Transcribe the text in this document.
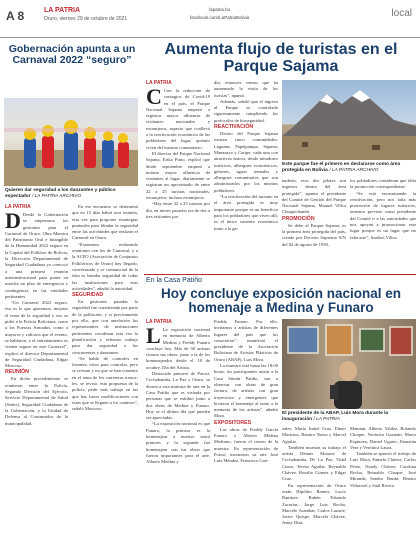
A 8	LA PATRIA
Oruro, viernes 29 de octubre de 2021
lapatria.bo
facebook.com/LaPatriaBolivia	local
Gobernación apunta a un Carnaval 2022 “seguro”
Quieren dar seguridad a los danzantes y público espectador / LA PATRIA ARCHIVO
LA PATRIA
D Desde la Gobernación se empezaron los gestiones para el Carnaval de Oruro, Obra Maestra del Patrimonio Oral e Intangible de la Humanidad 2022 seguro en la Capital del Folklore de Bolivia, la Dirección Departamental de Seguridad Ciudadana ya convocó a una primera reunión interinstitucional para poner en marcha un plan de emergencia y contingencia en las entidades pertinentes.

“Un Carnaval 2022 seguro, eso es lo que queremos, mejorar el tema de la seguridad y eso se pidió a la Policía Boliviana, como a las Fuerzas Armadas, como a mayores y valiosos que el evento, se hablaron, y el entrenamiento es vienen seguro en este Carnaval”, explicó el director Departamental de Seguridad Ciudadana, Edgar Moscoso.

REUNIÓN

En dicho procedimiento se reunieron entre la Policía, Segunda División del Ejército, Servicio Departamental de Salud (Sedes), Seguridad Ciudadana de la Gobernación, y la Unidad de Defensa al Consumidor de la municipalidad.

En ese encuentro se determinó que en 15 días habrá otra reunión, esta vez para proponer estrategias puntuales para blindar la seguridad entre las actividades que realizan el Carnaval en Oruro.

“Estaremos realizando reuniones con los de Carnaval, y a la ACFO (Asociación de Conjuntos Folklóricos de Oruro) hay llegado, conversando y se comunicará de la idea es brindar seguridad de todas las instituciones para esas actividades”, añadió la autoridad.

SEGURIDAD

En gestiones pasadas la seguridad fue cuestionada por parte de la población, y si precisamente por ello, que con antelación los representantes de instituciones pertinentes coordinan esta vez la planificación y esfuerzo trabajo para dar seguridad a los concurrentes y danzantes.

“Se hablo de controles en frontera, estos para controlar, pero se revisan y no que se han comento en el tema de los carreteras tronca-les, se revisó, esta propuesta de la policía, pedir más trabajo en las que hay hacer modificaciones con estas que se lleguen a los caminos”, señaló Moscoso.

Aumenta flujo de turistas en el Parque Sajama
LA PATRIA
C Con la reducción de contagios de Covid-19 en el país, el Parque Nacional Sajama empezó a registrar mayor afluencia de visitantes nacionales y extranjeros, aspecto que conllevó a la reactivación económica de las pobladores del lugar, quienes viven del turismo comunitario.

El director del Parque Nacional Sajama, Erika Pinto, explicó que desde septiembre empezó a notarse mayor afluencia de visitantes al lugar, diariamente se registran un aproximado de entre 22 a 25 turistas nacionales, extranjeros, incluso extranjeros.

“Hay entre 22 a 25 turistas por día, en meses pasados era de dos a tres visitantes por

día, entonces vemos que ha aumentado la visita de los turistas”, apuntó.

Además, señaló que el ingreso al Parque es controlado rigurosamente cumpliendo los protocolos de bioseguridad.

REACTIVACIÓN

Dentro del Parque Sajama existen cinco comunidades: Lagunas, Papelpampa, Sajama, Manasaya y Caripe, cada una con atractivos únicos, desde miradores turísticos, albergues ecoturísticos, géiseres, aguas termales y albergues comunitarios que son administrados por los mismos pobladores.

“La reactivación del turismo en el área protegida es muy importante porque es un beneficio para los pobladores que viven allí, es el único sustento económico junto a la ga-

Este parque fue el primero en declararse como área protegida en Bolivia / LA PATRIA ARCHIVO

nadería, esos dos pilares son ingresos dentro del área protegida”, apuntó el presidente del Comité de Gestión del Parque Nacional Sajama, Manuel Villca Chuquichambi.

PROMOCIÓN

Se debe al Parque Sajama, es la primera área protegida del país, creado por Decreto Supremo S/N del 02 de agosto de 1939,

los pobladores consideran que falta la promoción correspondiente.

“Se está encaminando la reactivación, pero nos falta más promoción de lugares turísticos, tenemos previsto como presidente del Comité ir a las autoridades que nos apoyan a promocionar este lugar porque es un lugar que no falta arte”, finalizó Villca.

En la Casa Patiño
Hoy concluye exposición nacional en homenaje a Medina y Funaro
LA PATRIA
L La exposición nacional en memoria de Alberto Medina y Freddy Funaro concluye hoy. Más de 30 artistas citaron sus obras, junto a la de los homenajeados desde el 18 de octubre, Día del Artista.

Destacado pintores de Potosí, Cochabamba, La Paz y Oruro, se dieron a esta muestra de arte en la Casa Patiño que es visitada por personas que se exhibió junto a dos obras de Medina y Funaro. Hoy se el último día que pueden ser apreciadas.

“La exposición nacional es que Funaro, la primera es la homenajear a nuestro sentó pintores y la segunda fue homenajear con tus obras que fueron importantes para el arte, Alberto Medina y

Freddy Funaro. Por ello, invitamos a artistas de diferentes lugares del país que los conocieron”, manifestó el presidente de la Asociación Boliviana de Artistas Plásticos de Oruro (ABAP), Luis Mora.

La muestra está hasta las 18:00 horas, los participantes asistir a la Casa Simón Patiño, van a observar con obras de gran factura, de artistas con gran trayectoria y emergentes que hicieron el homenaje al tanto a la memoria de los artistas”, añadió Mora.

EXPOSITORES

Las obras de Freddy García Funaro y Alberto Medina Medrano, fueron el centro de la muestra. En representación de Potosí, mostraron su arte José Luis Méndez, Francisco Gon-

El presidente de la ABAP, Luis Mora durante la inauguración / LA PATRIA

zales, María Isabel Cruz, Elmer Machaca, Ramiro Navia y Marcel Aguilar.

También muestra su trabajo el artista Dennis Monroe de Cochabamba. De La Paz, Vidal Cusso, Teresa Aguilar, Reynaldo Chávez, Rosalio Gómez y Edgar Cruz.

En representación de Oruro están Hipólito Ramos, Lucio Ramírez, Rubén Eduardo Zacarías, Jorge Luis Rocha, Marcelo Aranibar, Carlos Lazarte, Javier Quispe, Marcela Chávez, Jenny Díaz.

Mamani, Alberto Valdez, Rolando Choque, Verónica Guzmán, Mario Espinoza, Daniel Ugarte, Jhonatán Vera y Verónica Laura.

También se apreció el trabajo de Luis Mora, Pamela Chávez, Carlos Pérez, Nataly Chávez, Carolina Rocha, Reinaldo Choque, José Miranda, Sandro Bazán, Renato Villarroel y Saúl Rivera.
